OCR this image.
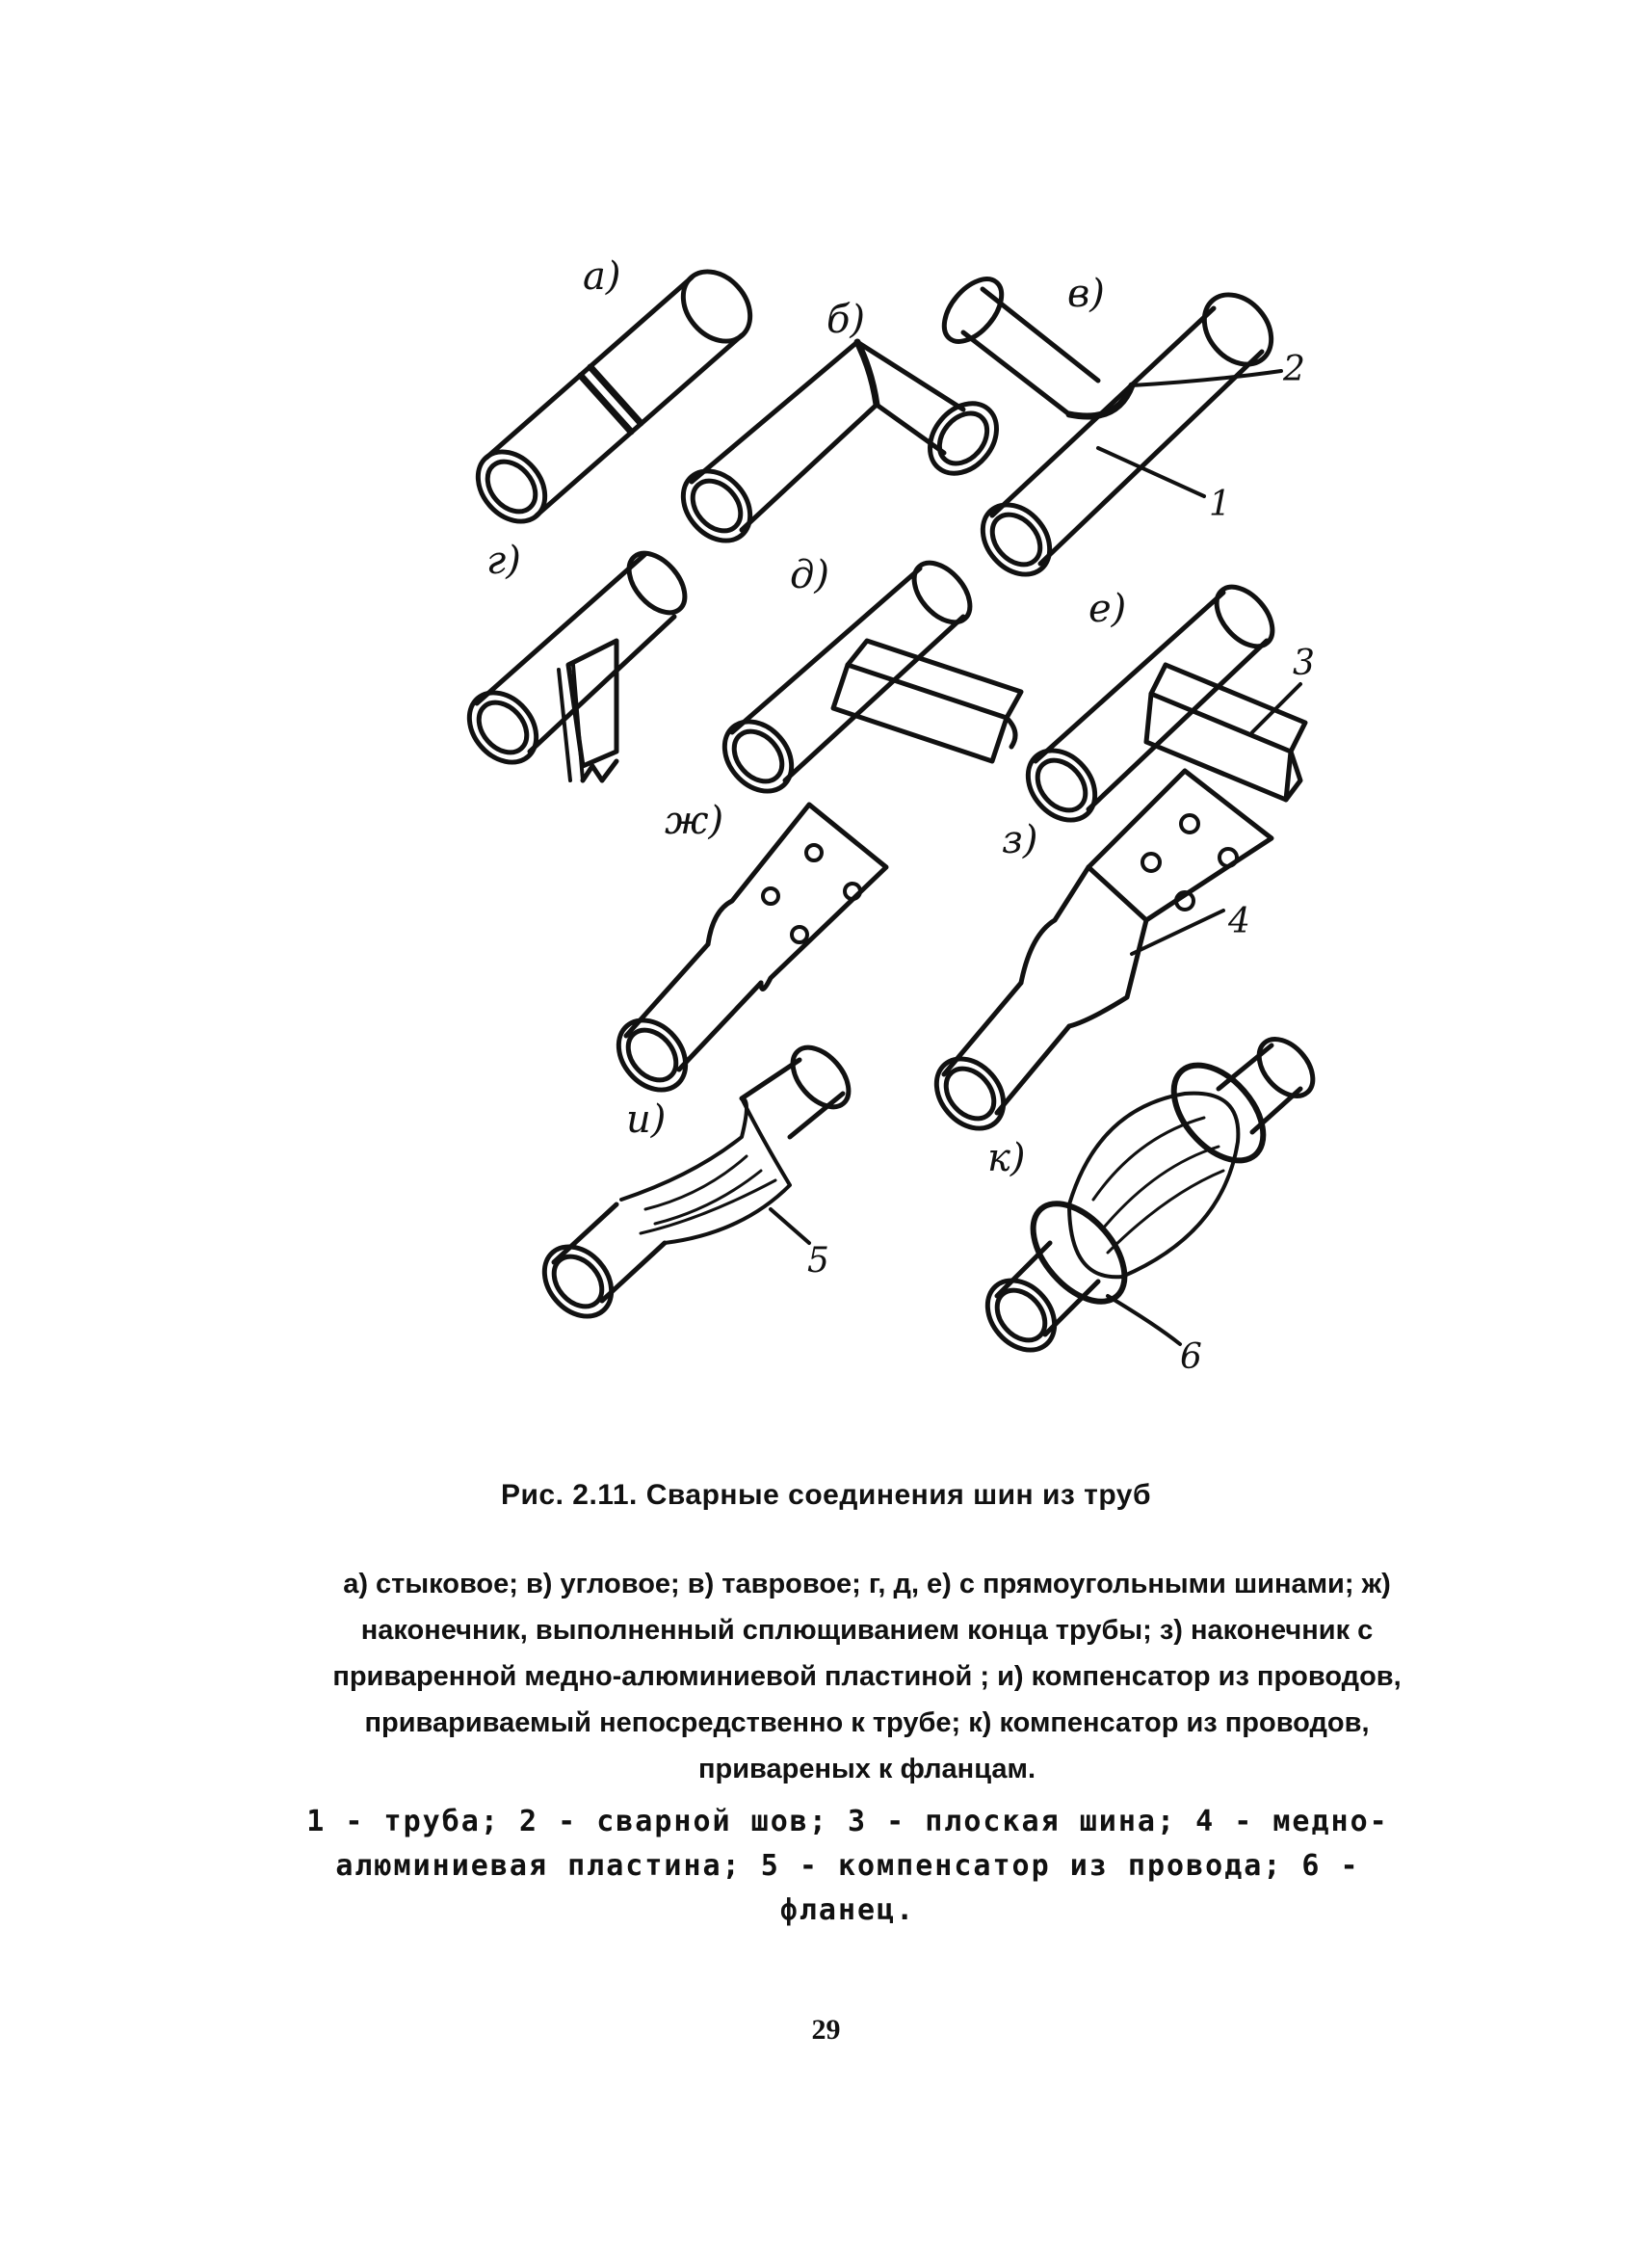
а)
б)
в)
г)	д)
е)
ж)	з)
и)
к)
1
2
3
4
5
6
Рис. 2.11. Сварные соединения шин из труб
а) стыковое; в) угловое; в) тавровое; г, д, е) с прямоугольными шинами; ж) наконечник, выполненный сплющиванием конца трубы; з) наконечник с приваренной медно-алюминиевой пластиной ; и) компенсатор из проводов, привариваемый непосредственно к трубе; к) компенсатор из проводов, привареных к фланцам.
1 - труба; 2 - сварной шов; 3 - плоская шина; 4 - медно-алюминиевая пластина; 5 - компенсатор из провода; 6 - фланец.
29
